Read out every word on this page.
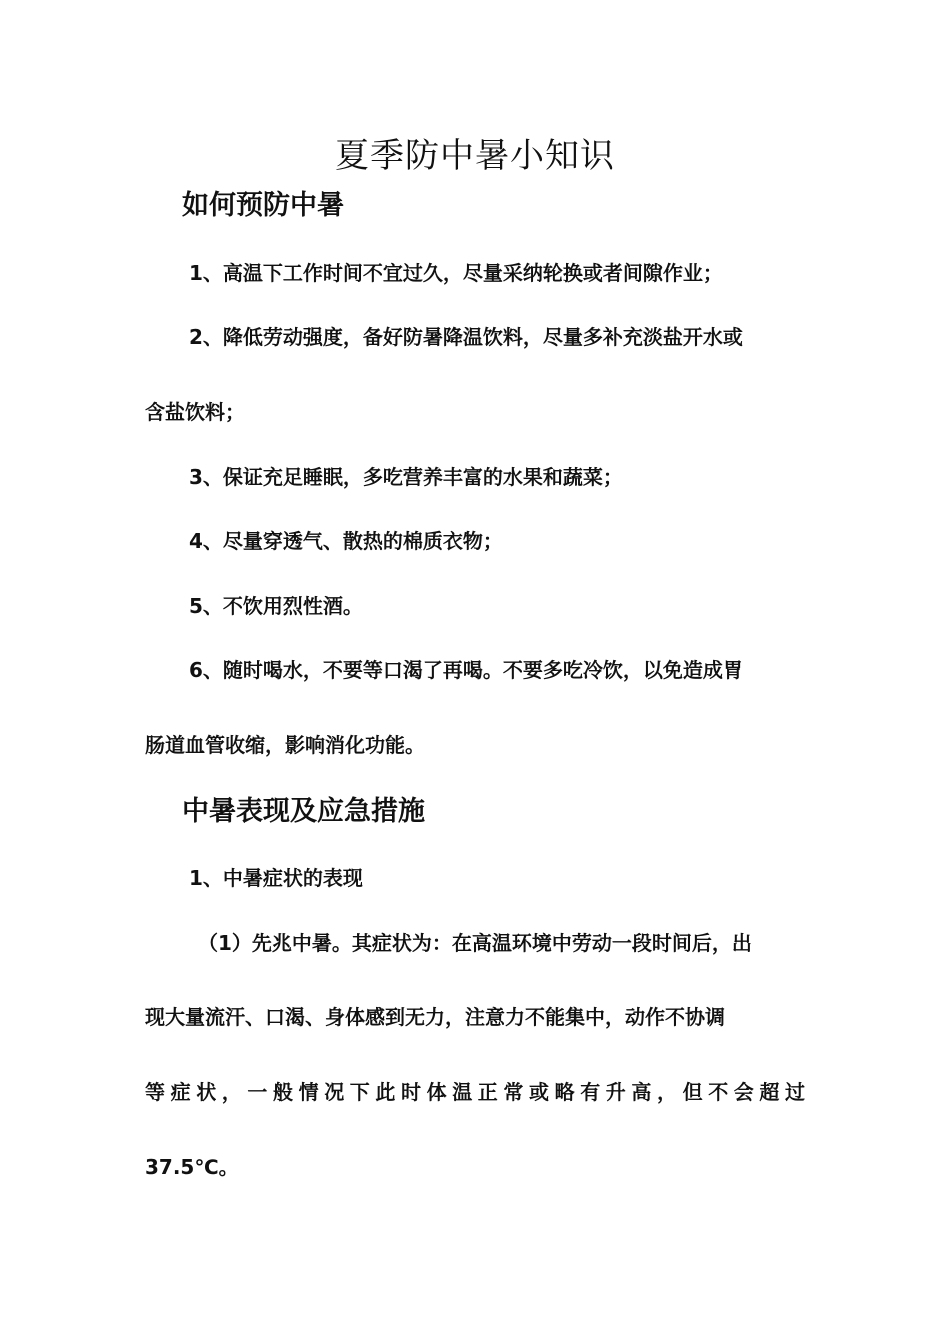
夏季防中暑小知识
如何预防中暑

1、高温下工作时间不宜过久，尽量采纳轮换或者间隙作业；

2、降低劳动强度，备好防暑降温饮料，尽量多补充淡盐开水或

含盐饮料；

3、保证充足睡眠，多吃营养丰富的水果和蔬菜；

4、尽量穿透气、散热的棉质衣物；

5、不饮用烈性酒。

6、随时喝水，不要等口渴了再喝。不要多吃冷饮，以免造成胃

肠道血管收缩，影响消化功能。

中暑表现及应急措施

1、中暑症状的表现

（1）先兆中暑。其症状为：在高温环境中劳动一段时间后，出

现大量流汗、口渴、身体感到无力，注意力不能集中，动作不协调

等症状，一般情况下此时体温正常或略有升高，但不会超过

37.5℃。
